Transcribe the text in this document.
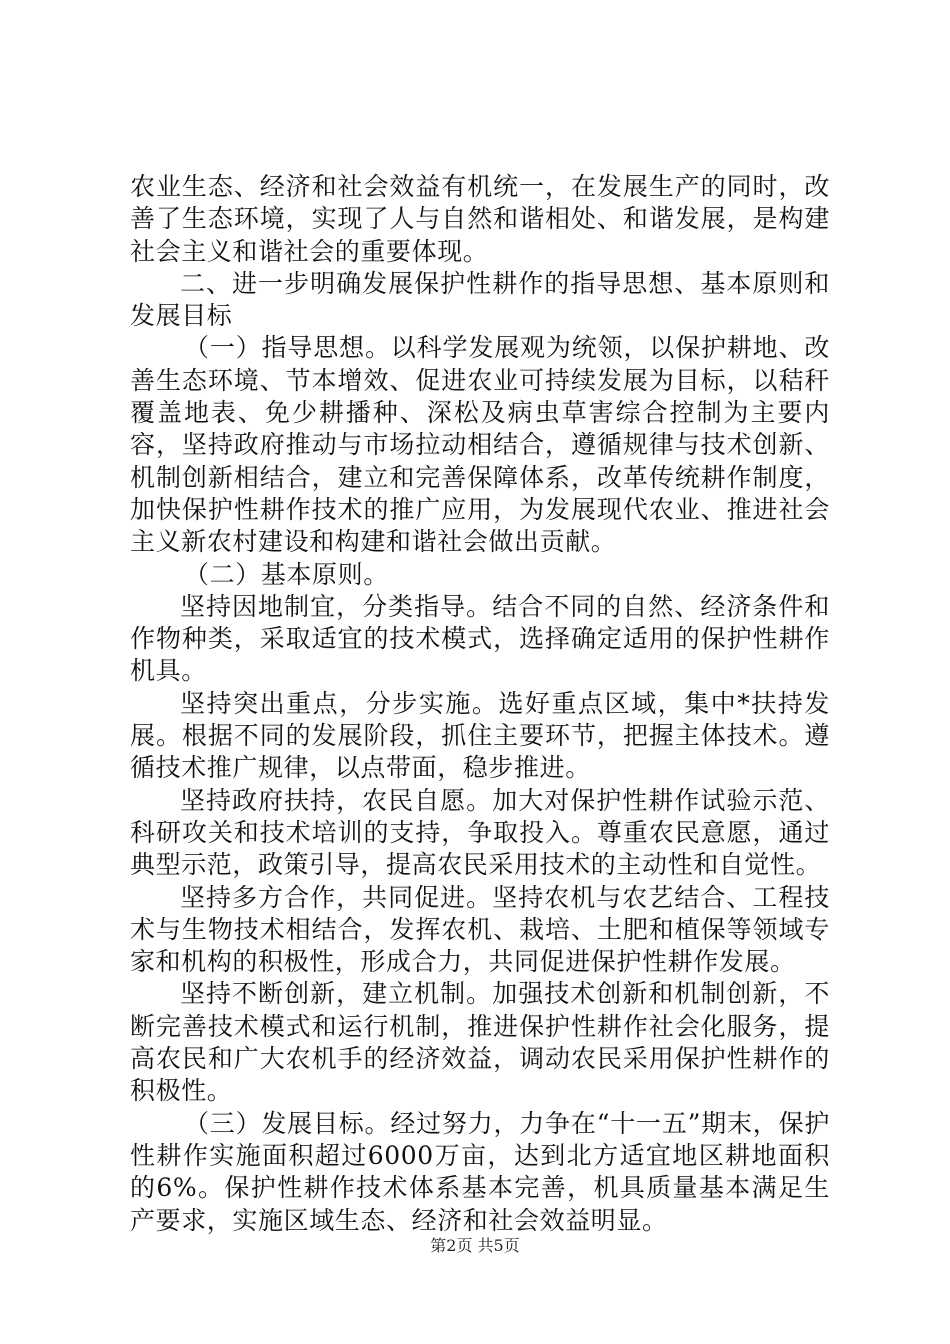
农业生态、经济和社会效益有机统一，在发展生产的同时，改善了生态环境，实现了人与自然和谐相处、和谐发展，是构建社会主义和谐社会的重要体现。

二、进一步明确发展保护性耕作的指导思想、基本原则和发展目标

（一）指导思想。以科学发展观为统领，以保护耕地、改善生态环境、节本增效、促进农业可持续发展为目标，以秸秆覆盖地表、免少耕播种、深松及病虫草害综合控制为主要内容，坚持政府推动与市场拉动相结合，遵循规律与技术创新、机制创新相结合，建立和完善保障体系，改革传统耕作制度，加快保护性耕作技术的推广应用，为发展现代农业、推进社会主义新农村建设和构建和谐社会做出贡献。

（二）基本原则。

坚持因地制宜，分类指导。结合不同的自然、经济条件和作物种类，采取适宜的技术模式，选择确定适用的保护性耕作机具。

坚持突出重点，分步实施。选好重点区域，集中*扶持发展。根据不同的发展阶段，抓住主要环节，把握主体技术。遵循技术推广规律，以点带面，稳步推进。

坚持政府扶持，农民自愿。加大对保护性耕作试验示范、科研攻关和技术培训的支持，争取投入。尊重农民意愿，通过典型示范，政策引导，提高农民采用技术的主动性和自觉性。

坚持多方合作，共同促进。坚持农机与农艺结合、工程技术与生物技术相结合，发挥农机、栽培、土肥和植保等领域专家和机构的积极性，形成合力，共同促进保护性耕作发展。

坚持不断创新，建立机制。加强技术创新和机制创新，不断完善技术模式和运行机制，推进保护性耕作社会化服务，提高农民和广大农机手的经济效益，调动农民采用保护性耕作的积极性。

（三）发展目标。经过努力，力争在“十一五”期末，保护性耕作实施面积超过6000万亩，达到北方适宜地区耕地面积的6%。保护性耕作技术体系基本完善，机具质量基本满足生产要求，实施区域生态、经济和社会效益明显。

第2页 共5页
